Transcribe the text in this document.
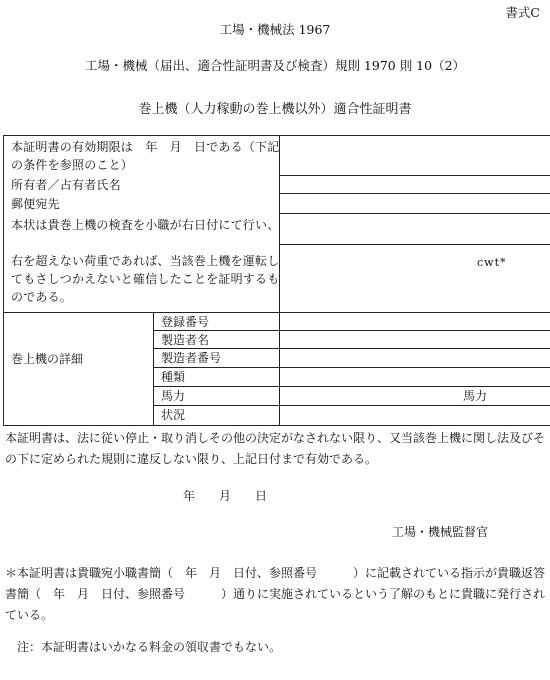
書式C
工場・機械法 1967
工場・機械（届出、適合性証明書及び検査）規則 1970 則 10（2）
巻上機（人力稼動の巻上機以外）適合性証明書
本証明書の有効期限は　年　月　日である（下記の条件を参照のこと）
所有者／占有者氏名
郵便宛先
本状は貴巻上機の検査を小職が右日付にて行い、
右を超えない荷重であれば、当該巻上機を運転してもさしつかえないと確信したことを証明するものである。
cwt*
巻上機の詳細
登録番号
製造者名
製造者番号
種類
馬力	馬力
状況
本証明書は、法に従い停止・取り消しその他の決定がなされない限り、又当該巻上機に関し法及びその下に定められた規則に違反しない限り、上記日付まで有効である。
年　　月　　日
工場・機械監督官
＊本証明書は貴職宛小職書簡（　年　月　日付、参照番号　　　）に記載されている指示が貴職返答書簡（　年　月　日付、参照番号　　　）通りに実施されているという了解のもとに貴職に発行されている。
注：本証明書はいかなる料金の領収書でもない。
